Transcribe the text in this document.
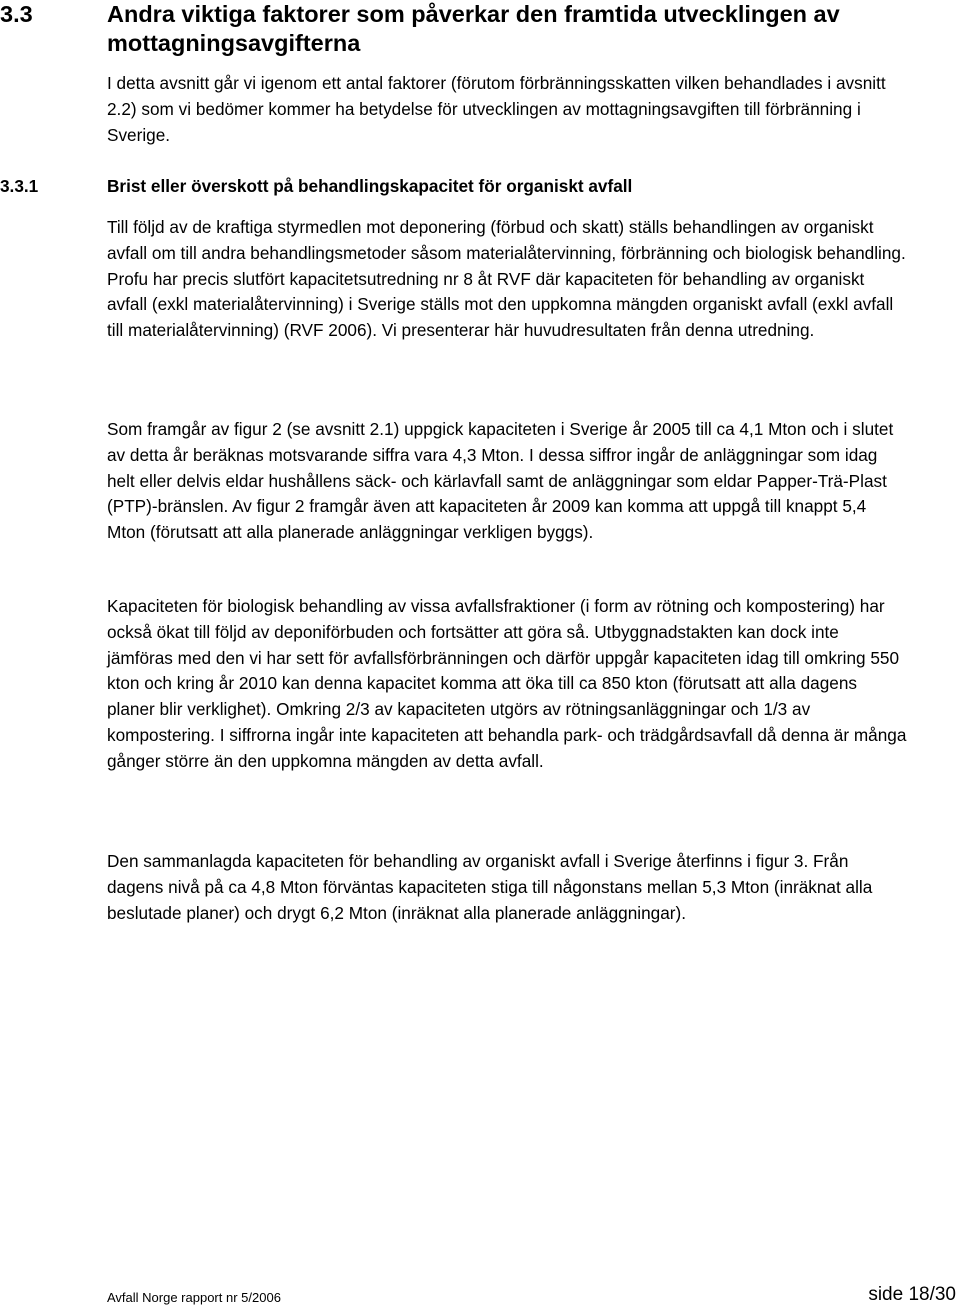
3.3	Andra viktiga faktorer som påverkar den framtida utvecklingen av mottagningsavgifterna

I detta avsnitt går vi igenom ett antal faktorer (förutom förbränningsskatten vilken behandlades i avsnitt 2.2) som vi bedömer kommer ha betydelse för utvecklingen av mottagningsavgiften till förbränning i Sverige.

3.3.1	Brist eller överskott på behandlingskapacitet för organiskt avfall

Till följd av de kraftiga styrmedlen mot deponering (förbud och skatt) ställs behandlingen av organiskt avfall om till andra behandlingsmetoder såsom materialåtervinning, förbränning och biologisk behandling. Profu har precis slutfört kapacitetsutredning nr 8 åt RVF där kapaciteten för behandling av organiskt avfall (exkl materialåtervinning) i Sverige ställs mot den uppkomna mängden organiskt avfall (exkl avfall till materialåtervinning) (RVF 2006). Vi presenterar här huvudresultaten från denna utredning.

Som framgår av figur 2 (se avsnitt 2.1) uppgick kapaciteten i Sverige år 2005 till ca 4,1 Mton och i slutet av detta år beräknas motsvarande siffra vara 4,3 Mton. I dessa siffror ingår de anläggningar som idag helt eller delvis eldar hushållens säck- och kärlavfall samt de anläggningar som eldar Papper-Trä-Plast (PTP)-bränslen. Av figur 2 framgår även att kapaciteten år 2009 kan komma att uppgå till knappt 5,4 Mton (förutsatt att alla planerade anläggningar verkligen byggs).

Kapaciteten för biologisk behandling av vissa avfallsfraktioner (i form av rötning och kompostering) har också ökat till följd av deponiförbuden och fortsätter att göra så. Utbyggnadstakten kan dock inte jämföras med den vi har sett för avfallsförbränningen och därför uppgår kapaciteten idag till omkring 550 kton och kring år 2010 kan denna kapacitet komma att öka till ca 850 kton (förutsatt att alla dagens planer blir verklighet). Omkring 2/3 av kapaciteten utgörs av rötningsanläggningar och 1/3 av kompostering. I siffrorna ingår inte kapaciteten att behandla park- och trädgårdsavfall då denna är många gånger större än den uppkomna mängden av detta avfall.

Den sammanlagda kapaciteten för behandling av organiskt avfall i Sverige återfinns i figur 3. Från dagens nivå på ca 4,8 Mton förväntas kapaciteten stiga till någonstans mellan 5,3 Mton (inräknat alla beslutade planer) och drygt 6,2 Mton (inräknat alla planerade anläggningar).

Avfall Norge rapport nr 5/2006	side 18/30
